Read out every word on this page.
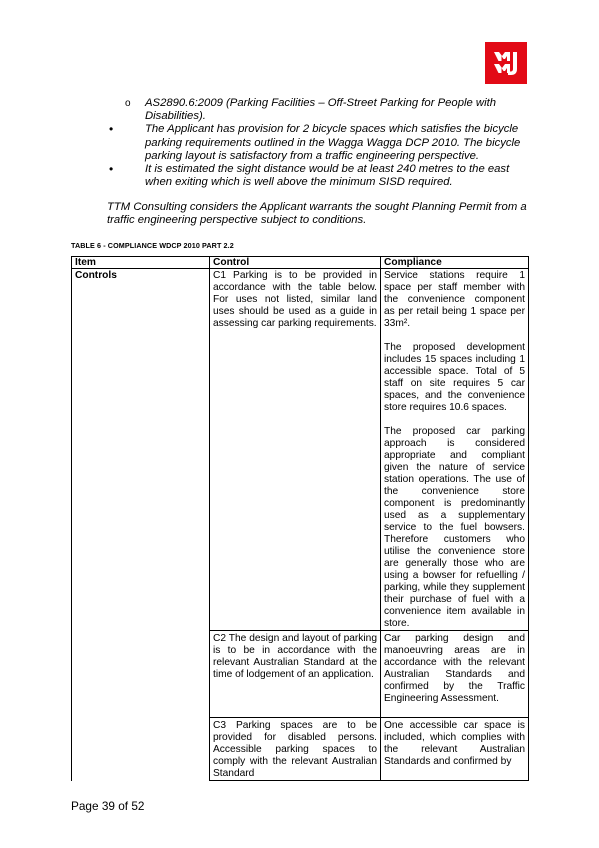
o AS2890.6:2009 (Parking Facilities – Off-Street Parking for People with Disabilities).
•	The Applicant has provision for 2 bicycle spaces which satisfies the bicycle parking requirements outlined in the Wagga Wagga DCP 2010. The bicycle parking layout is satisfactory from a traffic engineering perspective.
•	It is estimated the sight distance would be at least 240 metres to the east when exiting which is well above the minimum SISD required.
TTM Consulting considers the Applicant warrants the sought Planning Permit from a traffic engineering perspective subject to conditions.
TABLE 6 - COMPLIANCE WDCP 2010 PART 2.2
Item	Control	Compliance
Controls	C1 Parking is to be provided in accordance with the table below. For uses not listed, similar land uses should be used as a guide in assessing car parking requirements.	Service stations require 1 space per staff member with the convenience component as per retail being 1 space per 33m².

The proposed development includes 15 spaces including 1 accessible space. Total of 5 staff on site requires 5 car spaces, and the convenience store requires 10.6 spaces.

The proposed car parking approach is considered appropriate and compliant given the nature of service station operations. The use of the convenience store component is predominantly used as a supplementary service to the fuel bowsers. Therefore customers who utilise the convenience store are generally those who are using a bowser for refuelling / parking, while they supplement their purchase of fuel with a convenience item available in store.

	C2 The design and layout of parking is to be in accordance with the relevant Australian Standard at the time of lodgement of an application.	Car parking design and manoeuvring areas are in accordance with the relevant Australian Standards and confirmed by the Traffic Engineering Assessment.

	C3 Parking spaces are to be provided for disabled persons. Accessible parking spaces to comply with the relevant Australian Standard	One accessible car space is included, which complies with the relevant Australian Standards and confirmed by

Page 39 of 52
